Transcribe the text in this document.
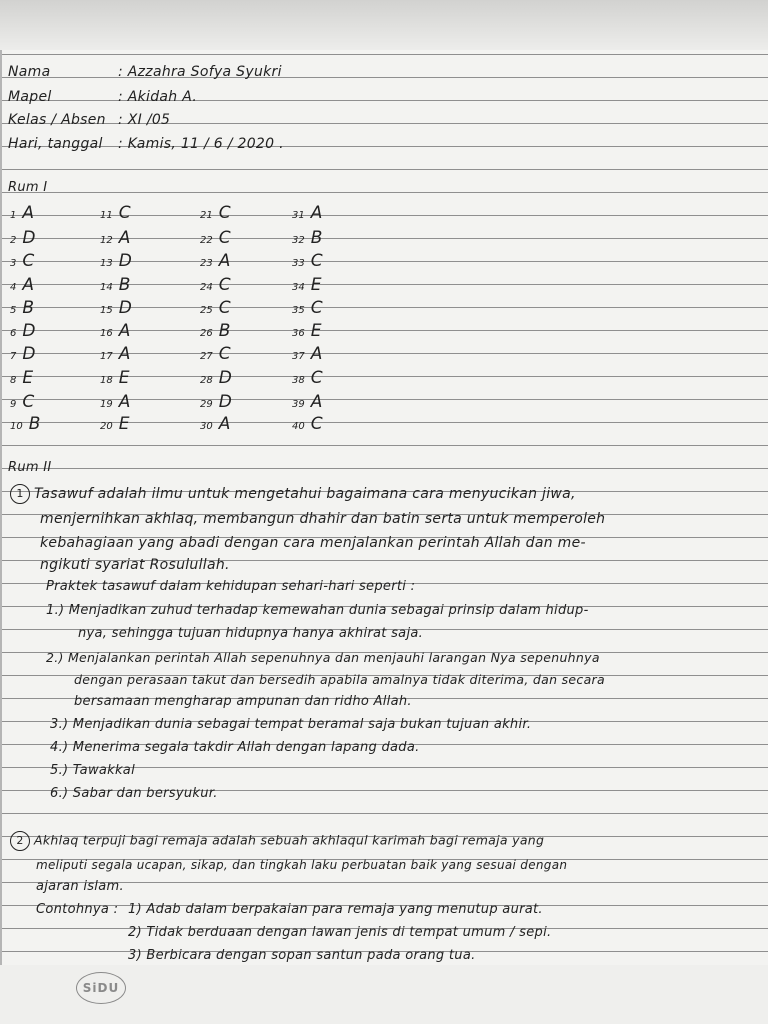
Nama	: Azzahra Sofya Syukri
Mapel	: Akidah A.
Kelas / Absen : XI /05
Hari, tanggal : Kamis, 11 / 6 / 2020 .
Rum I
1 A
2 D
3 C
4 A
5 B
6 D
7 D
8 E
9 C
10 B
11 C
12 A
13 D
14 B
15 D
16 A
17 A
18 E
19 A
20 E
21 C
22 C
23 A
24 C
25 C
26 B
27 C
28 D
29 D
30 A
31 A
32 B
33 C
34 E
35 C
36 E
37 A
38 C
39 A
40 C
Rum II
1 Tasawuf adalah ilmu untuk mengetahui bagaimana cara menyucikan jiwa,
menjernihkan akhlaq, membangun dhahir dan batin serta untuk memperoleh
kebahagiaan yang abadi dengan cara menjalankan perintah Allah dan me-
ngikuti syariat Rosulullah.
Praktek tasawuf dalam kehidupan sehari-hari seperti :
1.) Menjadikan zuhud terhadap kemewahan dunia sebagai prinsip dalam hidup-
nya, sehingga tujuan hidupnya hanya akhirat saja.
2.) Menjalankan perintah Allah sepenuhnya dan menjauhi larangan Nya sepenuhnya
dengan perasaan takut dan bersedih apabila amalnya tidak diterima, dan secara
bersamaan mengharap ampunan dan ridho Allah.
3.) Menjadikan dunia sebagai tempat beramal saja bukan tujuan akhir.
4.) Menerima segala takdir Allah dengan lapang dada.
5.) Tawakkal
6.) Sabar dan bersyukur.
2 Akhlaq terpuji bagi remaja adalah sebuah akhlaqul karimah bagi remaja yang
meliputi segala ucapan, sikap, dan tingkah laku perbuatan baik yang sesuai dengan
ajaran islam.
Contohnya : 1) Adab dalam berpakaian para remaja yang menutup aurat.
2) Tidak berduaan dengan lawan jenis di tempat umum / sepi.
3) Berbicara dengan sopan santun pada orang tua.
SiDU
